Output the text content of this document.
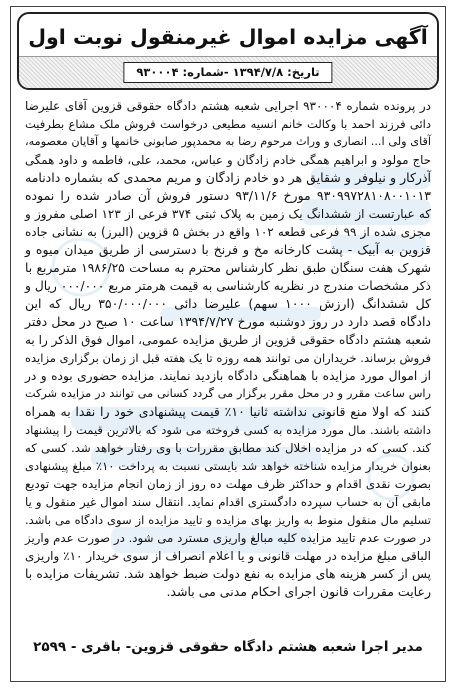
آگهی مزایده اموال غیرمنقول نوبت اول
تاریخ: ۱۳۹۴/۷/۸ -شماره: ۹۳۰۰۰۴
در پرونده شماره ۹۳۰۰۰۴ اجرایی شعبه هشتم دادگاه حقوقی قزوین آقای علیرضا
دائی فرزند احمد با وکالت خانم انسیه مطیعی درخواست فروش ملک مشاع بطرفیت
آقای ولی ا... انصاری و وراث مرحوم رضا به محمدپور صابونی خانمها و آقایان معصومه،
حاج مولود و ابراهیم همگی خادم زادگان و عباس، محمد، علی، فاطمه و داود همگی
آذرکار و نیلوفر و شقایق هر دو خادم زادگان و مریم محمدی که بشماره دادنامه
۹۳۰۹۹۷۲۸۱۰۸۰۰۱۰۱۳ مورخ ۹۳/۱۱/۶ دستور فروش آن صادر شده را نموده
که عبارتست از ششدانگ یک زمین به پلاک ثبتی ۳۷۴ فرعی از ۱۲۳ اصلی مفروز و
مجزی شده از ۹۹ فرعی قطعه ۱۰۲ واقع در بخش ۵ قزوین (البرز) به نشانی جاده
قزوین به آبیک - پشت کارخانه مخ و فرنخ با دسترسی از طریق میدان میوه و
شهرک هفت سنگان طبق نظر کارشناس محترم به مساحت ۱۹۸۶/۲۵ مترمربع با
ذکر مشخصات مندرج در نظریه کارشناسی به قیمت هرمتر مربع ۰۰۰/۰۰۰ ریال و
کل ششدانگ (ارزش ۱۰۰۰ سهم) علیرضا دائی ۳۵۰/۰۰۰/۰۰۰ ریال که این
دادگاه قصد دارد در روز دوشنبه مورخ ۱۳۹۴/۷/۲۷ ساعت ۱۰ صبح در محل دفتر
شعبه هشتم دادگاه حقوقی قزوین از طریق مزایده عمومی، اموال فوق الذکر را به
فروش برساند. خریداران می توانند همه روزه تا یک هفته قبل از زمان برگزاری مزایده
از اموال مورد مزایده با هماهنگی دادگاه بازدید نمایند. مزایده حضوری بوده و در
راس ساعت مقرر و در محل مقرر برگزار می گردد کسانی می توانند در مزایده شرکت
کنند که اولا منع قانونی نداشته ثانیا ۱۰٪ قیمت پیشنهادی خود را نقدا به همراه
داشته باشند. مال مورد مزایده به کسی فروخته می شود که بالاترین قیمت را پیشنهاد
کند. کسی که در مزایده اخلال کند مطابق مقررات با وی رفتار خواهد شد. کسی که
بعنوان خریدار مزایده شناخته خواهد شد بایستی نسبت به پرداخت ۱۰٪ مبلغ پیشنهادی
بصورت نقدی اقدام و حداکثر ظرف مهلت ده روز از زمان انجام مزایده جهت تودیع
مابقی آن به حساب سپرده دادگستری اقدام نماید. انتقال سند اموال غیر منقول و یا
تسلیم مال منقول منوط به واریز بهای مزایده و تایید مزایده از سوی دادگاه می باشد.
در صورت عدم تایید مزایده کلیه مبالغ واریزی مسترد می شود. در صورت عدم واریز
الباقی مبلغ مزایده در مهلت قانونی و یا اعلام انصراف از سوی خریدار ۱۰٪ واریزی
پس از کسر هزینه های مزایده به نفع دولت ضبط خواهد شد. تشریفات مزایده با
رعایت مقررات قانون اجرای احکام مدنی می باشد.
مدیر اجرا شعبه هشتم دادگاه حقوقی قزوین- باقری - ۲۵۹۹
